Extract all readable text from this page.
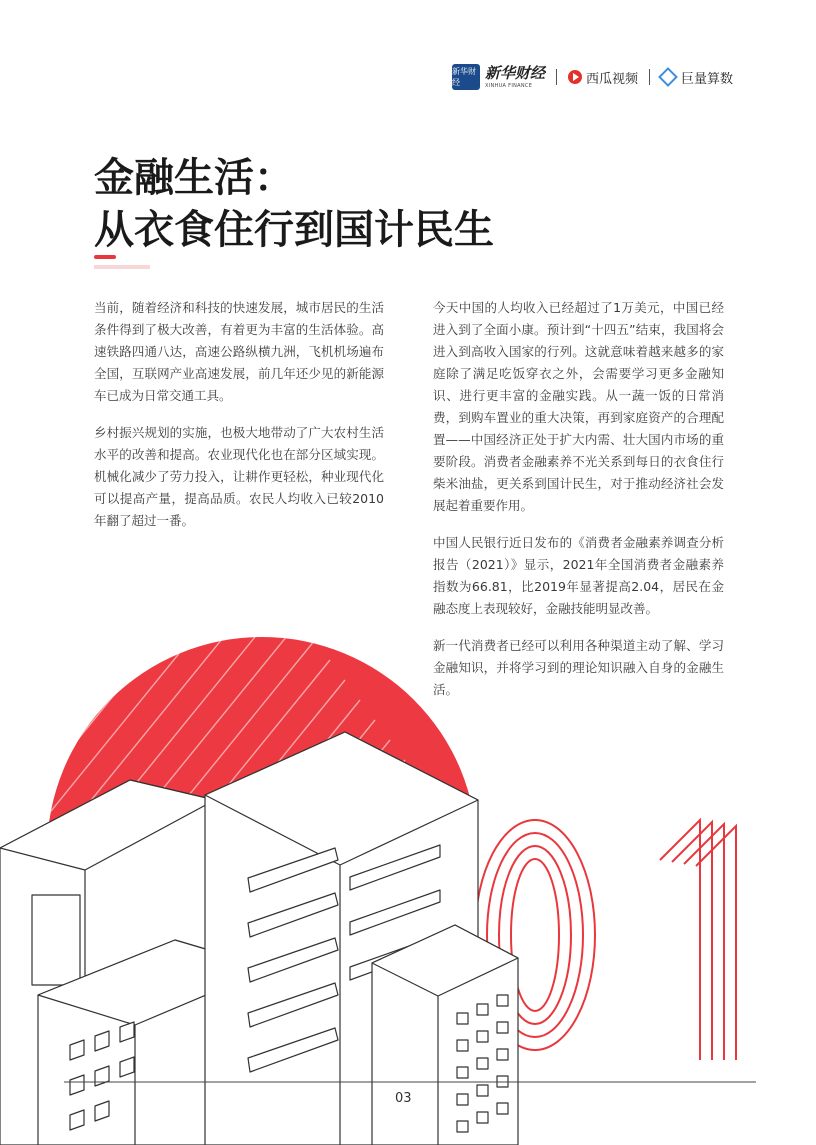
新华财经
新华财经
XINHUA FINANCE	西瓜视频	巨量算数
金融生活：
从衣食住行到国计民生

当前，随着经济和科技的快速发展，城市居民的生活条件得到了极大改善，有着更为丰富的生活体验。高速铁路四通八达，高速公路纵横九洲，飞机机场遍布全国，互联网产业高速发展，前几年还少见的新能源车已成为日常交通工具。

乡村振兴规划的实施，也极大地带动了广大农村生活水平的改善和提高。农业现代化也在部分区域实现。机械化减少了劳力投入，让耕作更轻松，种业现代化可以提高产量，提高品质。农民人均收入已较2010年翻了超过一番。

今天中国的人均收入已经超过了1万美元，中国已经进入到了全面小康。预计到“十四五”结束，我国将会进入到高收入国家的行列。这就意味着越来越多的家庭除了满足吃饭穿衣之外，会需要学习更多金融知识、进行更丰富的金融实践。从一蔬一饭的日常消费，到购车置业的重大决策，再到家庭资产的合理配置——中国经济正处于扩大内需、壮大国内市场的重要阶段。消费者金融素养不光关系到每日的衣食住行柴米油盐，更关系到国计民生，对于推动经济社会发展起着重要作用。

中国人民银行近日发布的《消费者金融素养调查分析报告（2021）》显示，2021年全国消费者金融素养指数为66.81，比2019年显著提高2.04，居民在金融态度上表现较好，金融技能明显改善。

新一代消费者已经可以利用各种渠道主动了解、学习金融知识，并将学习到的理论知识融入自身的金融生活。

03
